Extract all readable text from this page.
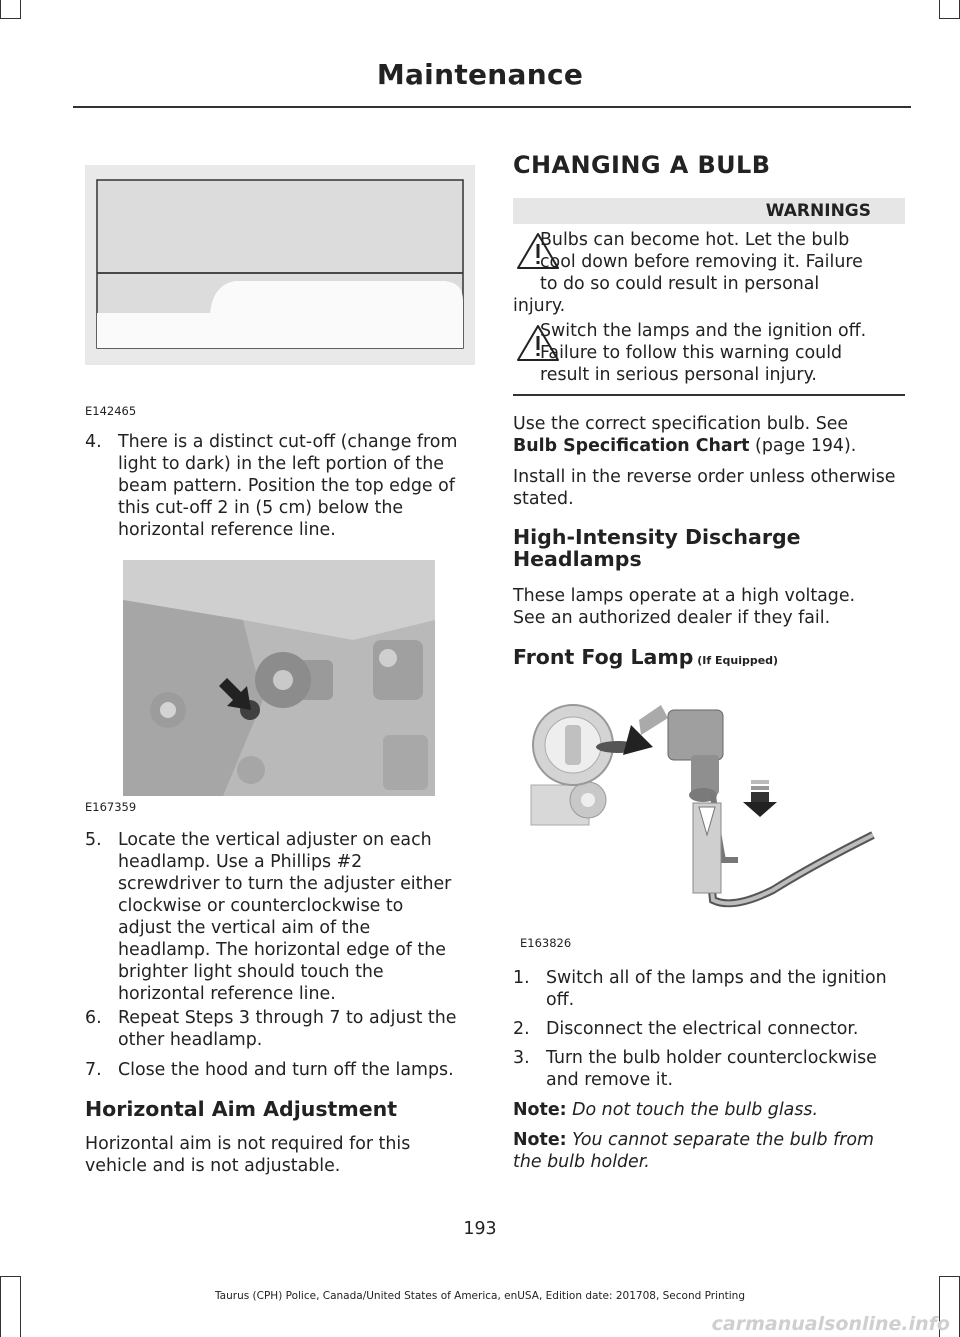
Maintenance
E142465
4. There is a distinct cut-off (change from
light to dark) in the left portion of the
beam pattern. Position the top edge of
this cut-off 2 in (5 cm) below the
horizontal reference line.
E167359
5. Locate the vertical adjuster on each
headlamp. Use a Phillips #2
screwdriver to turn the adjuster either
clockwise or counterclockwise to
adjust the vertical aim of the
headlamp. The horizontal edge of the
brighter light should touch the
horizontal reference line.
6. Repeat Steps 3 through 7 to adjust the
other headlamp.
7. Close the hood and turn off the lamps.
Horizontal Aim Adjustment
Horizontal aim is not required for this
vehicle and is not adjustable.
CHANGING A BULB
WARNINGS
Bulbs can become hot. Let the bulb
cool down before removing it. Failure
to do so could result in personal
injury.
Switch the lamps and the ignition off.
Failure to follow this warning could
result in serious personal injury.
Use the correct specification bulb. See
Bulb Specification Chart (page 194).
Install in the reverse order unless otherwise
stated.
High-Intensity Discharge
Headlamps
These lamps operate at a high voltage.
See an authorized dealer if they fail.
Front Fog Lamp (If Equipped)
E163826
1. Switch all of the lamps and the ignition
off.
2. Disconnect the electrical connector.
3. Turn the bulb holder counterclockwise
and remove it.
Note: Do not touch the bulb glass.
Note: You cannot separate the bulb from
the bulb holder.
193
Taurus (CPH) Police, Canada/United States of America, enUSA, Edition date: 201708, Second Printing
carmanualsonline.info
